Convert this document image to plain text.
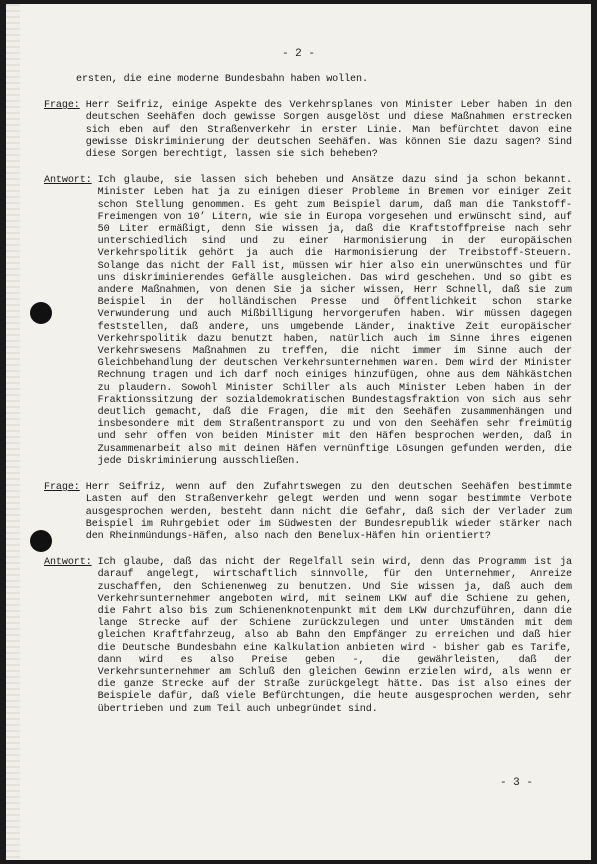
- 2 -
ersten, die eine moderne Bundesbahn haben wollen.
Frage: Herr Seifriz, einige Aspekte des Verkehrsplanes von Minister Leber haben in den deutschen Seehäfen doch gewisse Sorgen ausgelöst und diese Maßnahmen erstrecken sich eben auf den Straßenverkehr in erster Linie. Man befürchtet davon eine gewisse Diskriminierung der deutschen Seehäfen. Was können Sie dazu sagen? Sind diese Sorgen berechtigt, lassen sie sich beheben?
Antwort: Ich glaube, sie lassen sich beheben und Ansätze dazu sind ja schon bekannt. Minister Leben hat ja zu einigen dieser Probleme in Bremen vor einiger Zeit schon Stellung genommen. Es geht zum Beispiel darum, daß man die Tankstoff-Freimengen von 10’ Litern, wie sie in Europa vorgesehen und erwünscht sind, auf 50 Liter ermäßigt, denn Sie wissen ja, daß die Kraftstoffpreise nach sehr unterschiedlich sind und zu einer Harmonisierung in der europäischen Verkehrspolitik gehört ja auch die Harmonisierung der Treibstoff-Steuern. Solange das nicht der Fall ist, müssen wir hier also ein unerwünschtes und für uns diskriminierendes Gefälle ausgleichen. Das wird geschehen. Und so gibt es andere Maßnahmen, von denen Sie ja sicher wissen, Herr Schnell, daß sie zum Beispiel in der holländischen Presse und Öffentlichkeit schon starke Verwunderung und auch Mißbilligung hervorgerufen haben. Wir müssen dagegen feststellen, daß andere, uns umgebende Länder, inaktive Zeit europäischer Verkehrspolitik dazu benutzt haben, natürlich auch im Sinne ihres eigenen Verkehrswesens Maßnahmen zu treffen, die nicht immer im Sinne auch der Gleichbehandlung der deutschen Verkehrsunternehmen waren. Dem wird der Minister Rechnung tragen und ich darf noch einiges hinzufügen, ohne aus dem Nähkästchen zu plaudern. Sowohl Minister Schiller als auch Minister Leben haben in der Fraktionssitzung der sozialdemokratischen Bundestagsfraktion von sich aus sehr deutlich gemacht, daß die Fragen, die mit den Seehäfen zusammenhängen und insbesondere mit dem Straßentransport zu und von den Seehäfen sehr freimütig und sehr offen von beiden Minister mit den Häfen besprochen werden, daß in Zusammenarbeit also mit deinen Häfen vernünftige Lösungen gefunden werden, die jede Diskriminierung ausschließen.
Frage: Herr Seifriz, wenn auf den Zufahrtswegen zu den deutschen Seehäfen bestimmte Lasten auf den Straßenverkehr gelegt werden und wenn sogar bestimmte Verbote ausgesprochen werden, besteht dann nicht die Gefahr, daß sich der Verlader zum Beispiel im Ruhrgebiet oder im Südwesten der Bundesrepublik wieder stärker nach den Rheinmündungs-Häfen, also nach den Benelux-Häfen hin orientiert?
Antwort: Ich glaube, daß das nicht der Regelfall sein wird, denn das Programm ist ja darauf angelegt, wirtschaftlich sinnvolle, für den Unternehmer, Anreize zuschaffen, den Schienenweg zu benutzen. Und Sie wissen ja, daß auch dem Verkehrsunternehmer angeboten wird, mit seinem LKW auf die Schiene zu gehen, die Fahrt also bis zum Schienenknotenpunkt mit dem LKW durchzuführen, dann die lange Strecke auf der Schiene zurückzulegen und unter Umständen mit dem gleichen Kraftfahrzeug, also ab Bahn den Empfänger zu erreichen und daß hier die Deutsche Bundesbahn eine Kalkulation anbieten wird - bisher gab es Tarife, dann wird es also Preise geben -, die gewährleisten, daß der Verkehrsunternehmer am Schluß den gleichen Gewinn erzielen wird, als wenn er die ganze Strecke auf der Straße zurückgelegt hätte. Das ist also eines der Beispiele dafür, daß viele Befürchtungen, die heute ausgesprochen werden, sehr übertrieben und zum Teil auch unbegründet sind.
- 3 -
